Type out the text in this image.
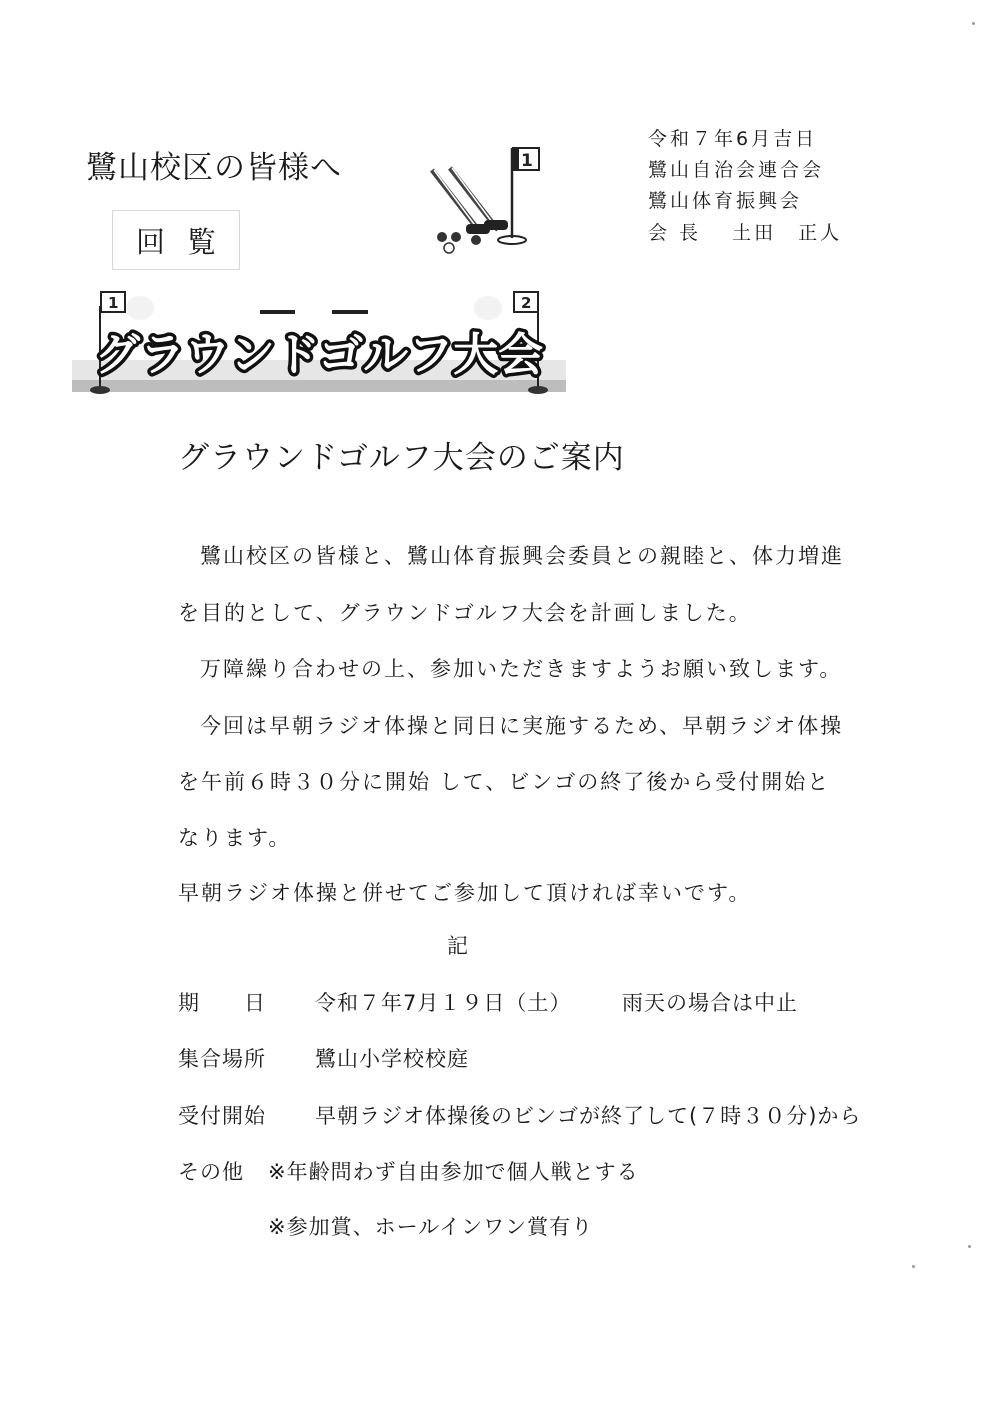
鷺山校区の皆様へ
回覧
令和７年6月吉日
鷺山自治会連合会
鷺山体育振興会
会 長　 土田　正人
1
1	2
グラウンドゴルフ大会
グラウンドゴルフ大会のご案内
鷺山校区の皆様と、鷺山体育振興会委員との親睦と、体力増進
を目的として、グラウンドゴルフ大会を計画しました。
万障繰り合わせの上、参加いただきますようお願い致します。
今回は早朝ラジオ体操と同日に実施するため、早朝ラジオ体操
を午前６時３０分に開始 して、ビンゴの終了後から受付開始と
なります。
早朝ラジオ体操と併せてご参加して頂ければ幸いです。
記
期　　日 令和７年7月１９日（土） 雨天の場合は中止
集合場所 鷺山小学校校庭
受付開始 早朝ラジオ体操後のビンゴが終了して(７時３０分)から
その他 ※年齢問わず自由参加で個人戦とする
※参加賞、ホールインワン賞有り
